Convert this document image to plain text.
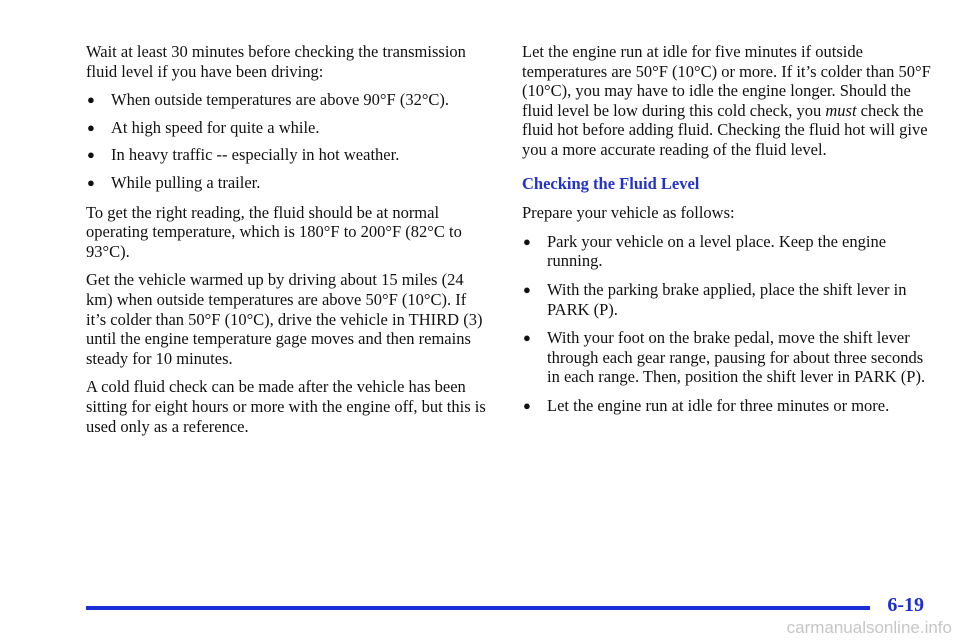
Wait at least 30 minutes before checking the transmission fluid level if you have been driving:

● When outside temperatures are above 90°F (32°C).
● At high speed for quite a while.
● In heavy traffic -- especially in hot weather.
● While pulling a trailer.

To get the right reading, the fluid should be at normal operating temperature, which is 180°F to 200°F (82°C to 93°C).

Get the vehicle warmed up by driving about 15 miles (24 km) when outside temperatures are above 50°F (10°C). If it’s colder than 50°F (10°C), drive the vehicle in THIRD (3) until the engine temperature gage moves and then remains steady for 10 minutes.

A cold fluid check can be made after the vehicle has been sitting for eight hours or more with the engine off, but this is used only as a reference.

Let the engine run at idle for five minutes if outside temperatures are 50°F (10°C) or more. If it’s colder than 50°F (10°C), you may have to idle the engine longer. Should the fluid level be low during this cold check, you must check the fluid hot before adding fluid. Checking the fluid hot will give you a more accurate reading of the fluid level.

Checking the Fluid Level

Prepare your vehicle as follows:

● Park your vehicle on a level place. Keep the engine running.
● With the parking brake applied, place the shift lever in PARK (P).
● With your foot on the brake pedal, move the shift lever through each gear range, pausing for about three seconds in each range. Then, position the shift lever in PARK (P).
● Let the engine run at idle for three minutes or more.
6-19
carmanualsonline.info
